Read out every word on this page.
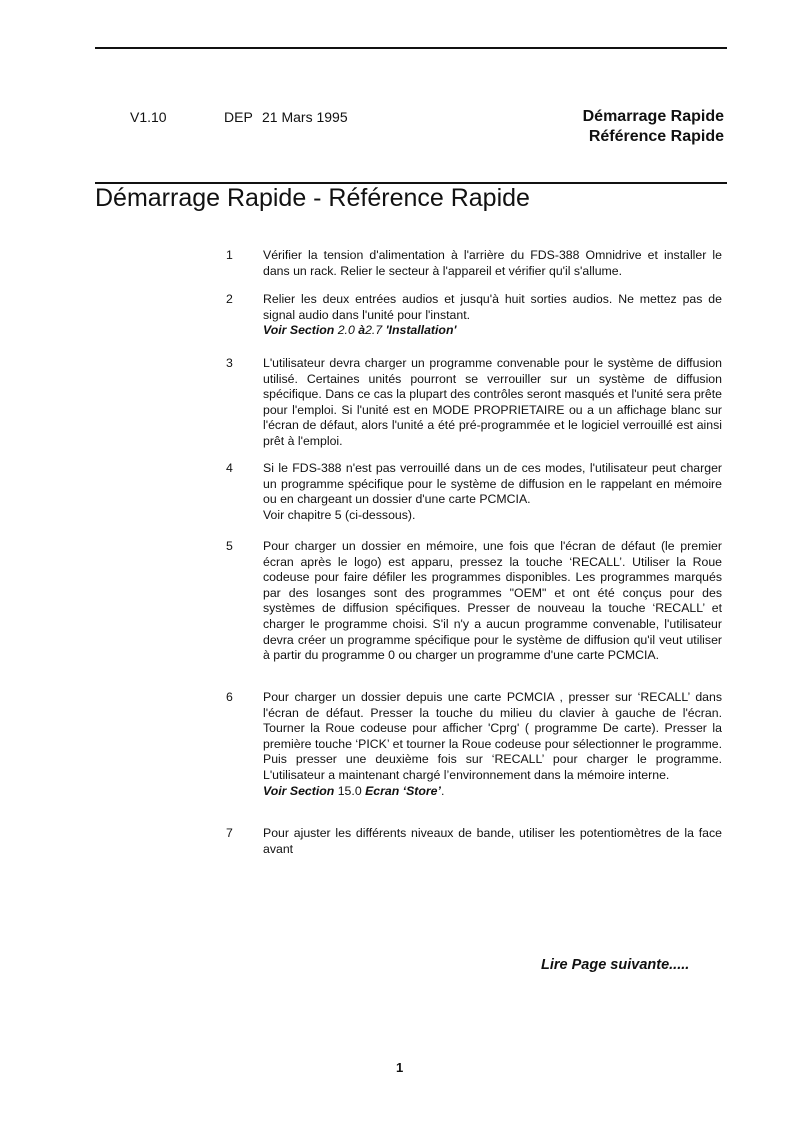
V1.10	DEP 21 Mars 1995	Démarrage Rapide
Référence Rapide
Démarrage Rapide - Référence Rapide
1 Vérifier la tension d'alimentation à l'arrière du FDS-388 Omnidrive et installer le dans un rack. Relier le secteur à l'appareil et vérifier qu'il s'allume.
2 Relier les deux entrées audios et jusqu'à huit sorties audios. Ne mettez pas de signal audio dans l'unité pour l'instant.
Voir Section 2.0 à2.7 'Installation'
3 L'utilisateur devra charger un programme convenable pour le système de diffusion utilisé. Certaines unités pourront se verrouiller sur un système de diffusion spécifique. Dans ce cas la plupart des contrôles seront masqués et l'unité sera prête pour l'emploi. Si l'unité est en MODE PROPRIETAIRE ou a un affichage blanc sur l'écran de défaut, alors l'unité a été pré-programmée et le logiciel verrouillé est ainsi prêt à l'emploi.
4 Si le FDS-388 n'est pas verrouillé dans un de ces modes, l'utilisateur peut charger un programme spécifique pour le système de diffusion en le rappelant en mémoire ou en chargeant un dossier d'une carte PCMCIA.
Voir chapitre 5 (ci-dessous).
5 Pour charger un dossier en mémoire, une fois que l'écran de défaut (le premier écran après le logo) est apparu, pressez la touche ‘RECALL’. Utiliser la Roue codeuse pour faire défiler les programmes disponibles. Les programmes marqués par des losanges sont des programmes "OEM" et ont été conçus pour des systèmes de diffusion spécifiques. Presser de nouveau la touche ‘RECALL’ et charger le programme choisi. S'il n'y a aucun programme convenable, l'utilisateur devra créer un programme spécifique pour le système de diffusion qu'il veut utiliser à partir du programme 0 ou charger un programme d'une carte PCMCIA.
6 Pour charger un dossier depuis une carte PCMCIA , presser sur ‘RECALL’ dans l'écran de défaut. Presser la touche du milieu du clavier à gauche de l'écran. Tourner la Roue codeuse pour afficher 'Cprg' ( programme De carte). Presser la première touche ‘PICK’ et tourner la Roue codeuse pour sélectionner le programme. Puis presser une deuxième fois sur ‘RECALL’ pour charger le programme. L'utilisateur a maintenant chargé l’environnement dans la mémoire interne.
Voir Section 15.0 Ecran ‘Store’.
7 Pour ajuster les différents niveaux de bande, utiliser les potentiomètres de la face avant
Lire Page suivante.....
1
